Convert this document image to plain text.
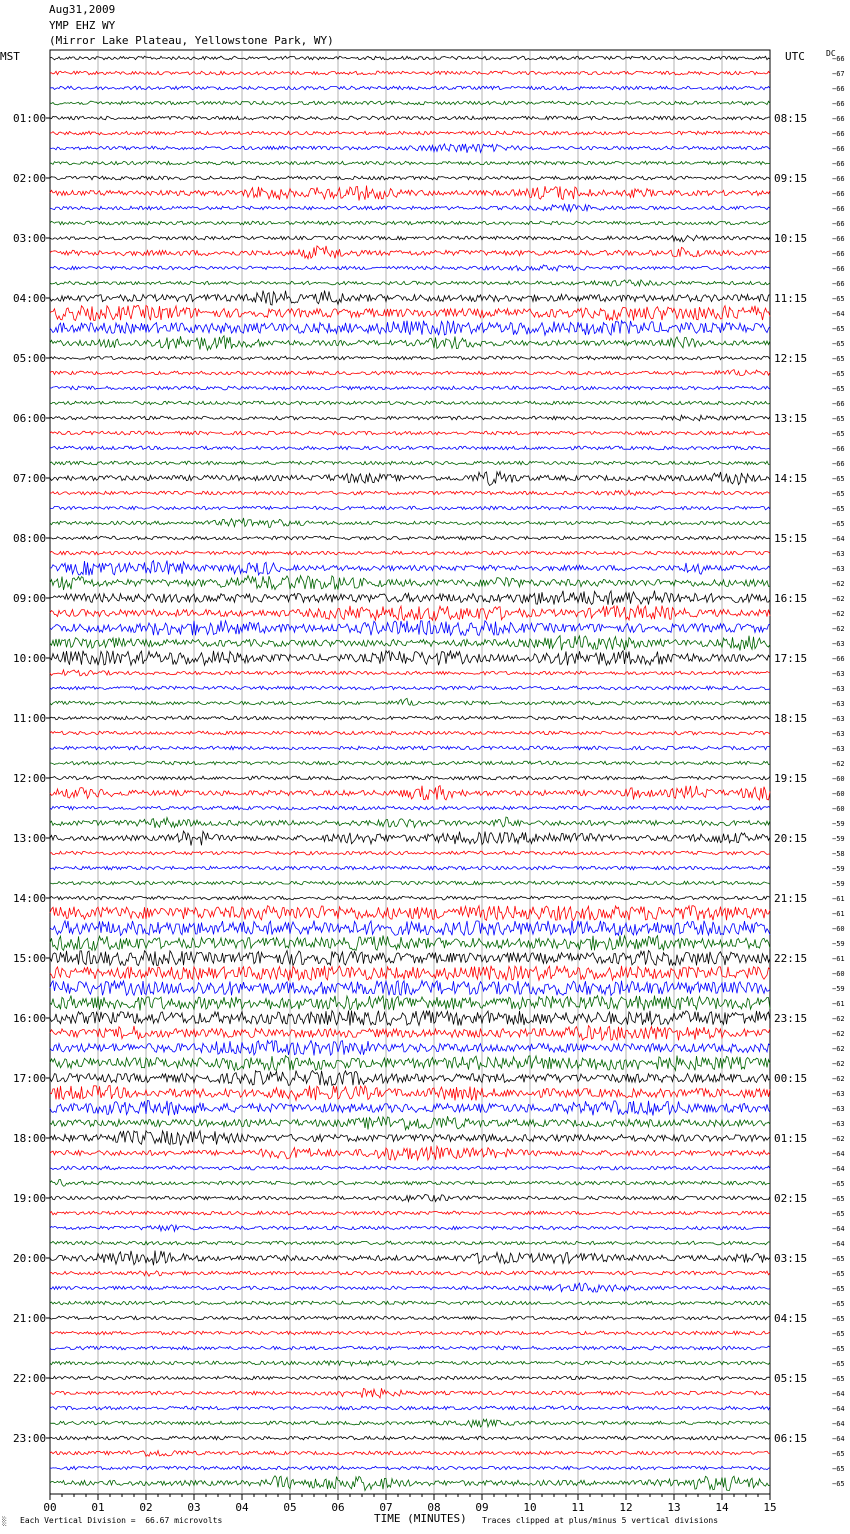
Aug31,2009
YMP EHZ WY
(Mirror Lake Plateau, Yellowstone Park, WY)
MST	UTC	DC
−66
−67
−66
−66
−66
−66
−66
−66
−66
−66
−66
−66
−66
−66
−66
−66
−65
−64
−65
−65
−65
−65
−65
−66
−65
−65
−66
−66
−65
−65
−65
−65
−64
−63
−63
−62
−62
−62
−62
−63
−66
−63
−63
−63
−63
−63
−63
−62
−60
−60
−60
−59
−59
−58
−59
−59
−61
−61
−60
−59
−61
−60
−59
−61
−62
−62
−62
−62
−62
−63
−63
−63
−62
−64
−64
−65
−65
−65
−64
−64
−65
−65
−65
−65
−65
−65
−65
−65
−65
−64
−64
−64
−64
−65
−65
−65
01:00
02:00
03:00
04:00
05:00
06:00
07:00
08:00
09:00
10:00
11:00
12:00
13:00
14:00
15:00
16:00
17:00
18:00
19:00
20:00
21:00
22:00
23:00
08:15
09:15
10:15
11:15
12:15
13:15
14:15
15:15
16:15
17:15
18:15
19:15
20:15
21:15
22:15
23:15
00:15
01:15
02:15
03:15
04:15
05:15
06:15
00	01	02	03	04	05	06	07	08	09	10	11	12	13	14	15
░ Each Vertical Division =  66.67 microvolts	TIME (MINUTES) Traces clipped at plus/minus 5 vertical divisions
